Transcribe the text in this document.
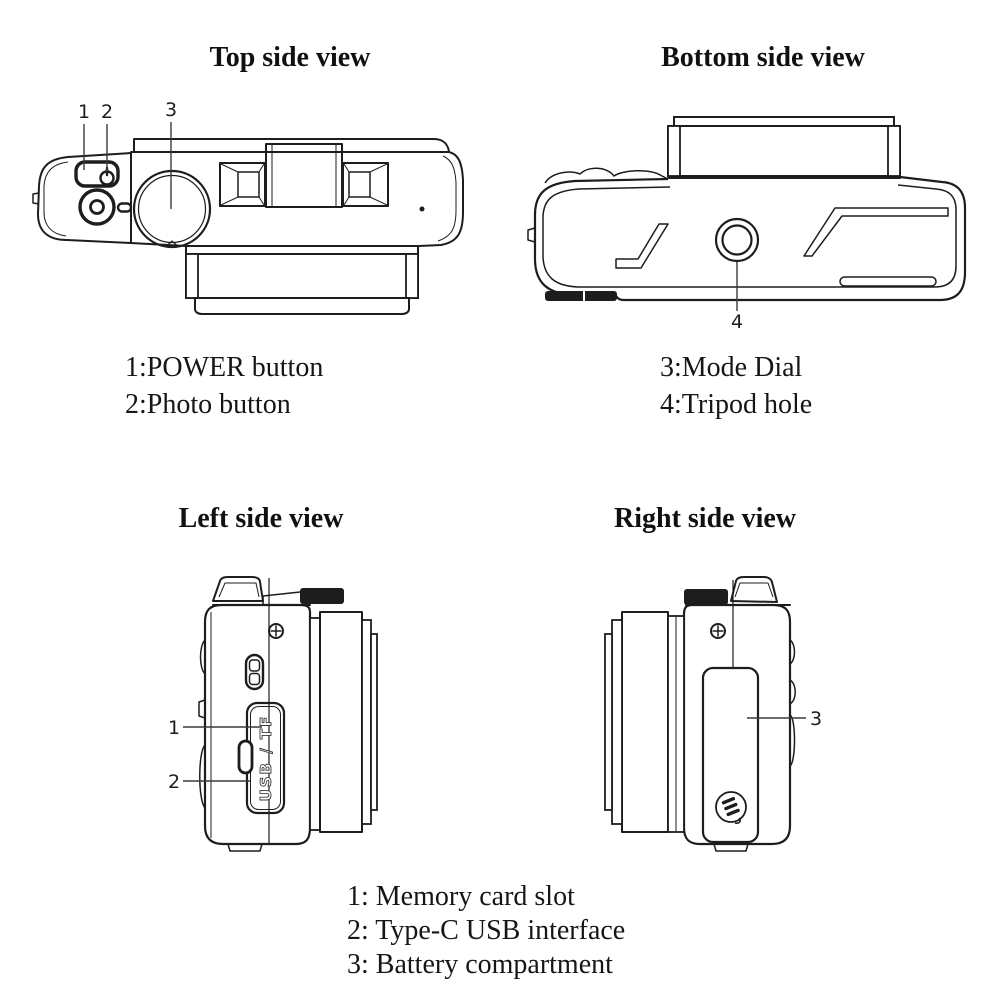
Top side view	Bottom side view
Left side view	Right side view
1 2	3
4
USB / TF
1
2
3
1:POWER button
2:Photo button
3:Mode Dial
4:Tripod hole
1: Memory card slot
2: Type-C USB interface
3: Battery compartment
